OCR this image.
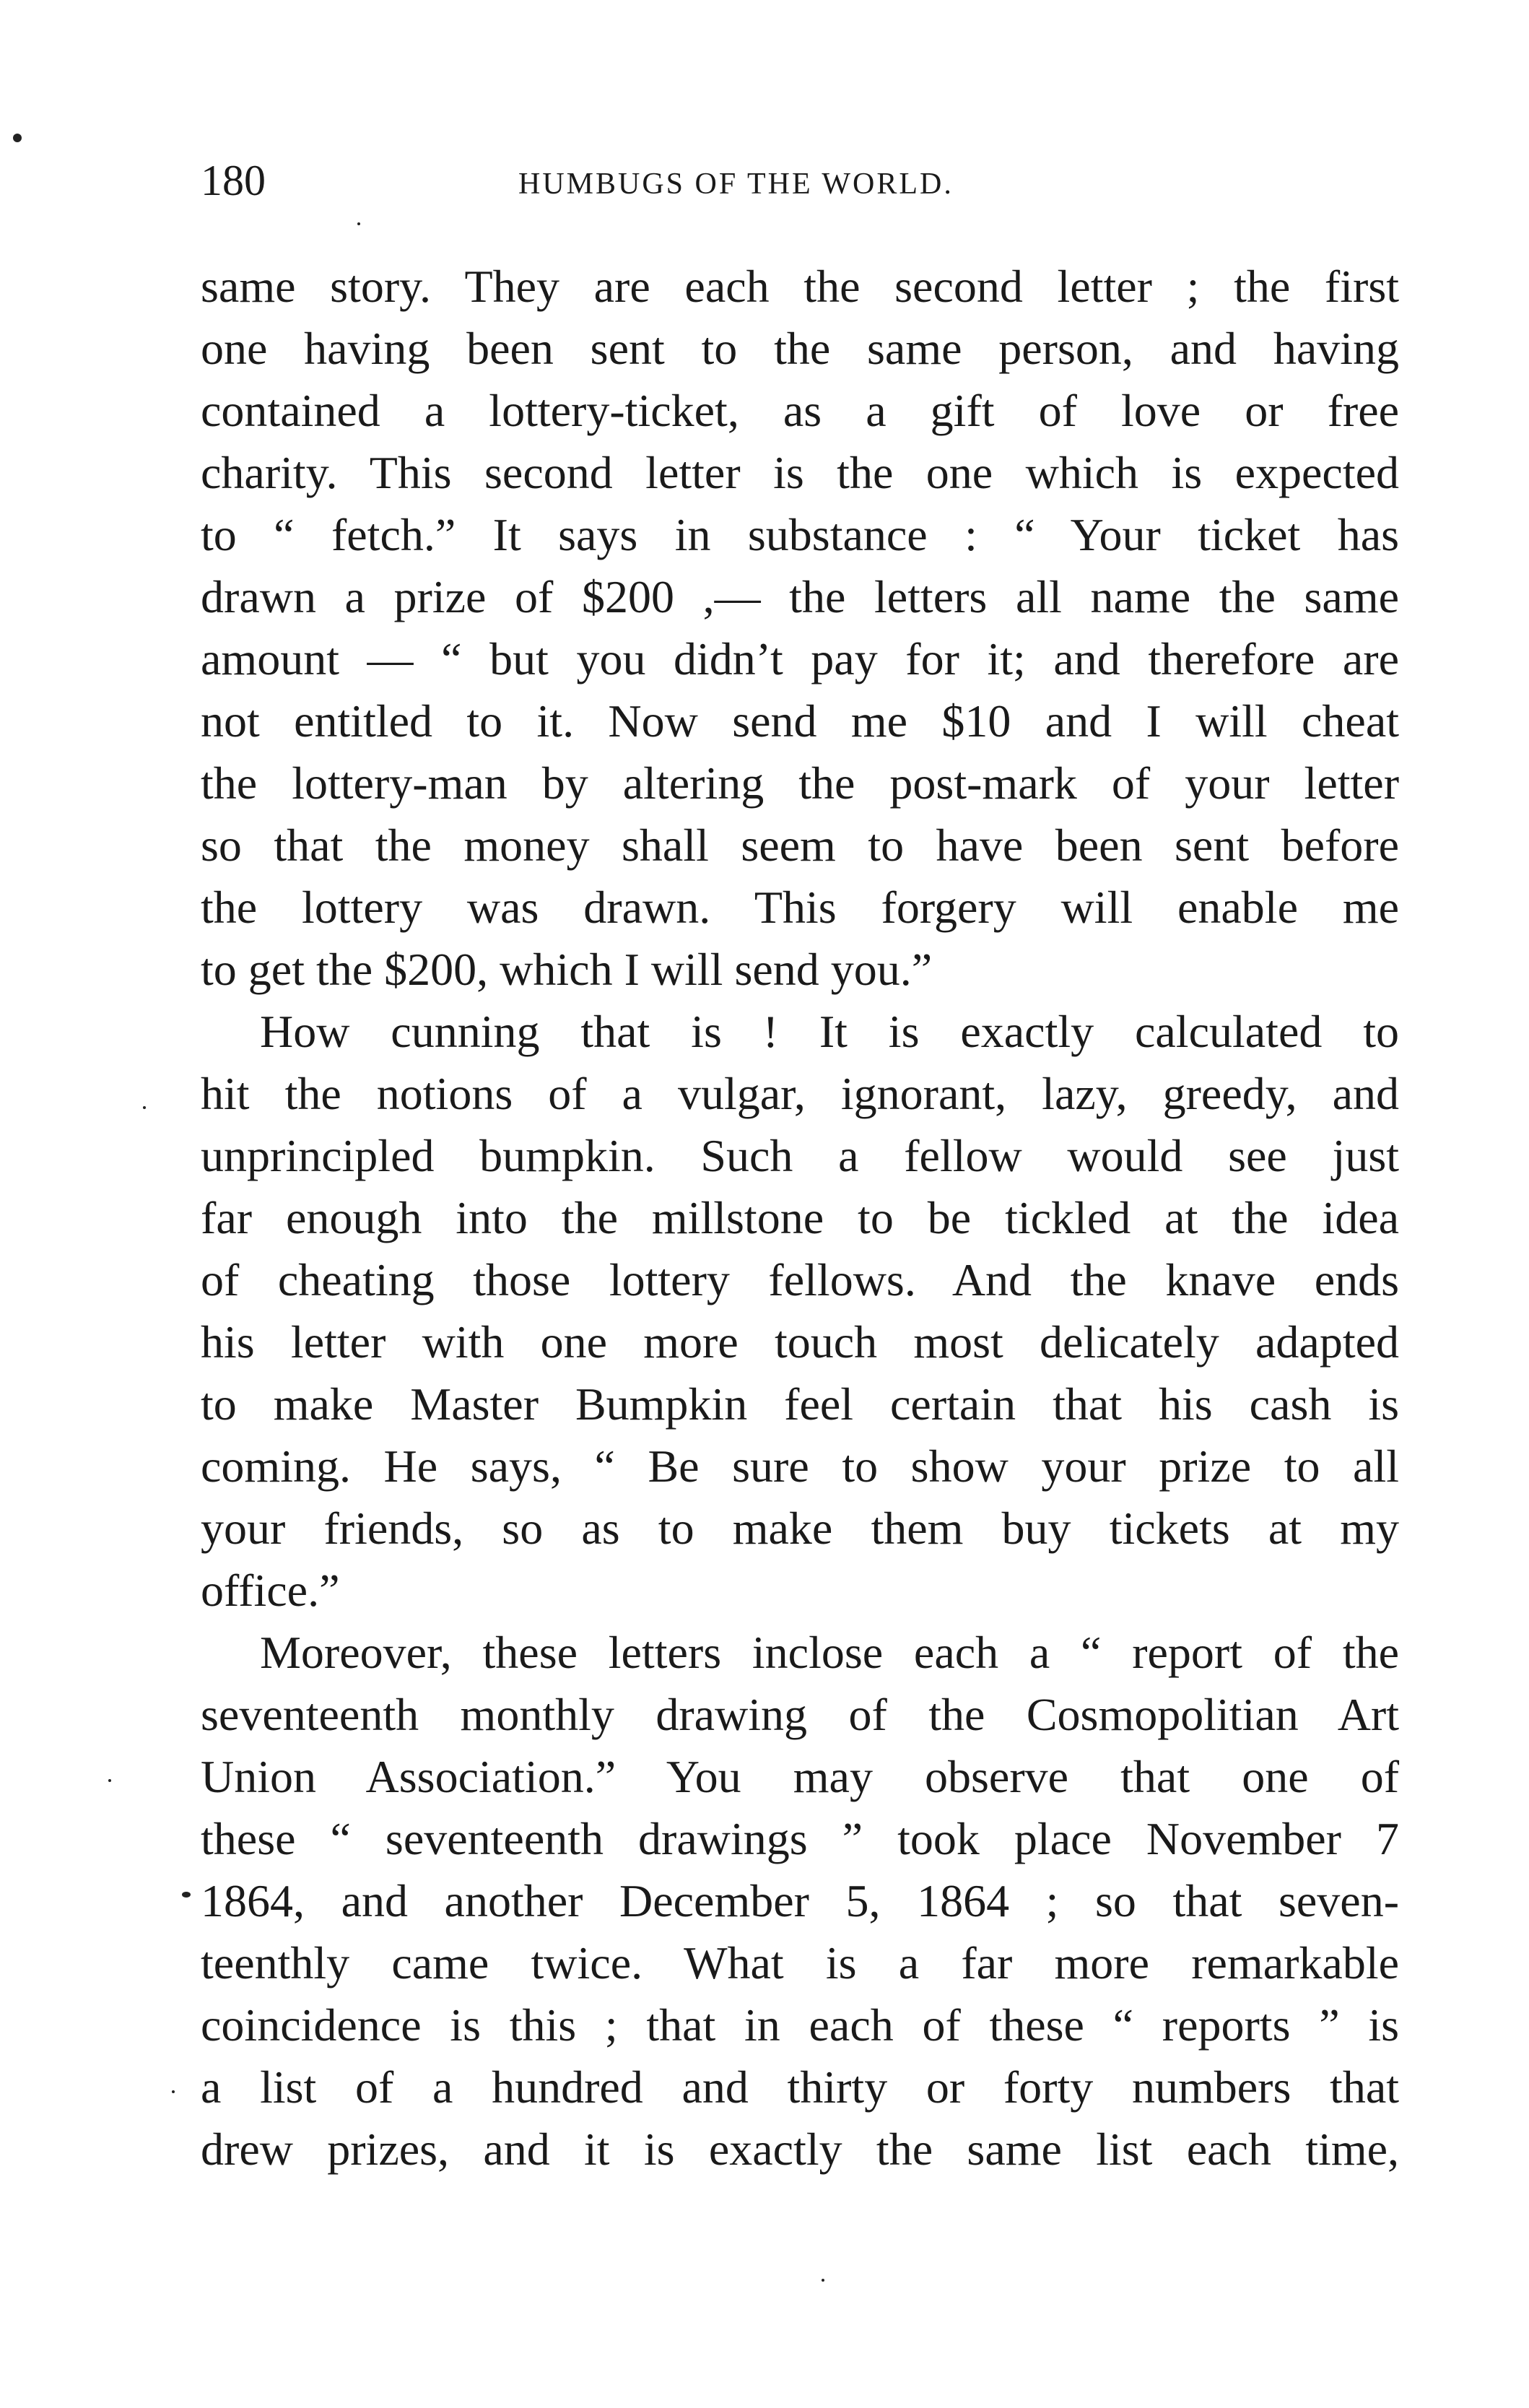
180	HUMBUGS OF THE WORLD.
same story. They are each the second letter ; the first
one having been sent to the same person, and having
contained a lottery-ticket, as a gift of love or free
charity. This second letter is the one which is expected
to “ fetch.” It says in substance : “ Your ticket has
drawn a prize of $200 ,— the letters all name the same
amount — “ but you didn’t pay for it; and therefore are
not entitled to it. Now send me $10 and I will cheat
the lottery-man by altering the post-mark of your letter
so that the money shall seem to have been sent before
the lottery was drawn. This forgery will enable me
to get the $200, which I will send you.”
How cunning that is ! It is exactly calculated to
hit the notions of a vulgar, ignorant, lazy, greedy, and
unprincipled bumpkin. Such a fellow would see just
far enough into the millstone to be tickled at the idea
of cheating those lottery fellows. And the knave ends
his letter with one more touch most delicately adapted
to make Master Bumpkin feel certain that his cash is
coming. He says, “ Be sure to show your prize to all
your friends, so as to make them buy tickets at my
office.”
Moreover, these letters inclose each a “ report of the
seventeenth monthly drawing of the Cosmopolitian Art
Union Association.” You may observe that one of
these “ seventeenth drawings ” took place November 7
1864, and another December 5, 1864 ; so that seven-
teenthly came twice. What is a far more remarkable
coincidence is this ; that in each of these “ reports ” is
a list of a hundred and thirty or forty numbers that
drew prizes, and it is exactly the same list each time,
